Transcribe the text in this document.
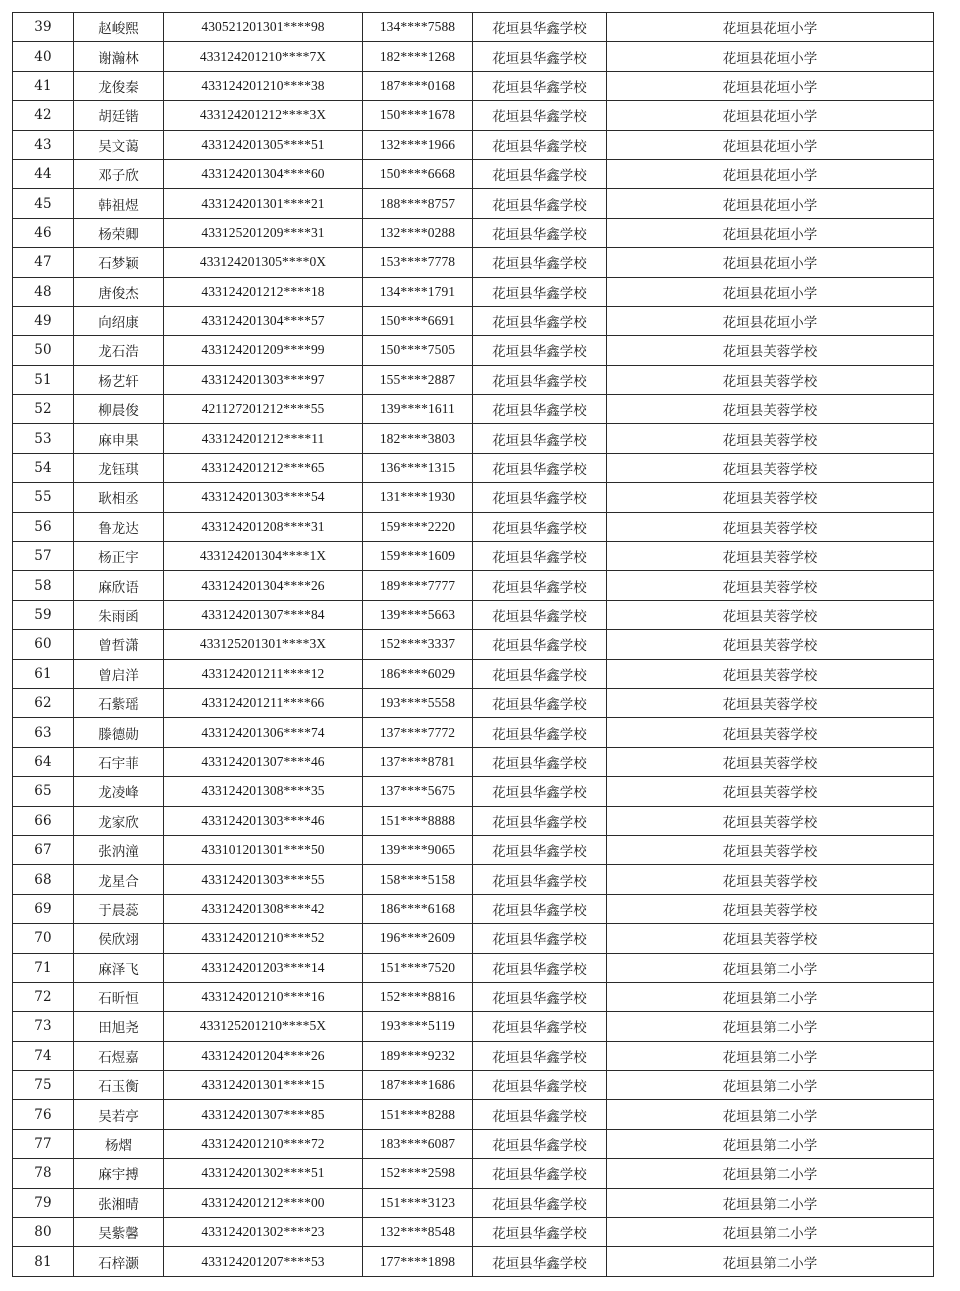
39	赵峻熙	430521201301****98	134****7588	花垣县华鑫学校	花垣县花垣小学
40	谢瀚林	433124201210****7X	182****1268	花垣县华鑫学校	花垣县花垣小学
41	龙俊秦	433124201210****38	187****0168	花垣县华鑫学校	花垣县花垣小学
42	胡廷锴	433124201212****3X	150****1678	花垣县华鑫学校	花垣县花垣小学
43	吴文蔼	433124201305****51	132****1966	花垣县华鑫学校	花垣县花垣小学
44	邓子欣	433124201304****60	150****6668	花垣县华鑫学校	花垣县花垣小学
45	韩祖煜	433124201301****21	188****8757	花垣县华鑫学校	花垣县花垣小学
46	杨荣卿	433125201209****31	132****0288	花垣县华鑫学校	花垣县花垣小学
47	石梦颖	433124201305****0X	153****7778	花垣县华鑫学校	花垣县花垣小学
48	唐俊杰	433124201212****18	134****1791	花垣县华鑫学校	花垣县花垣小学
49	向绍康	433124201304****57	150****6691	花垣县华鑫学校	花垣县花垣小学
50	龙石浩	433124201209****99	150****7505	花垣县华鑫学校	花垣县芙蓉学校
51	杨艺轩	433124201303****97	155****2887	花垣县华鑫学校	花垣县芙蓉学校
52	柳晨俊	421127201212****55	139****1611	花垣县华鑫学校	花垣县芙蓉学校
53	麻申果	433124201212****11	182****3803	花垣县华鑫学校	花垣县芙蓉学校
54	龙钰琪	433124201212****65	136****1315	花垣县华鑫学校	花垣县芙蓉学校
55	耿相丞	433124201303****54	131****1930	花垣县华鑫学校	花垣县芙蓉学校
56	鲁龙达	433124201208****31	159****2220	花垣县华鑫学校	花垣县芙蓉学校
57	杨正宇	433124201304****1X	159****1609	花垣县华鑫学校	花垣县芙蓉学校
58	麻欣语	433124201304****26	189****7777	花垣县华鑫学校	花垣县芙蓉学校
59	朱雨函	433124201307****84	139****5663	花垣县华鑫学校	花垣县芙蓉学校
60	曾哲潇	433125201301****3X	152****3337	花垣县华鑫学校	花垣县芙蓉学校
61	曾启洋	433124201211****12	186****6029	花垣县华鑫学校	花垣县芙蓉学校
62	石紫瑶	433124201211****66	193****5558	花垣县华鑫学校	花垣县芙蓉学校
63	滕德勋	433124201306****74	137****7772	花垣县华鑫学校	花垣县芙蓉学校
64	石宇菲	433124201307****46	137****8781	花垣县华鑫学校	花垣县芙蓉学校
65	龙凌峰	433124201308****35	137****5675	花垣县华鑫学校	花垣县芙蓉学校
66	龙家欣	433124201303****46	151****8888	花垣县华鑫学校	花垣县芙蓉学校
67	张汭潼	433101201301****50	139****9065	花垣县华鑫学校	花垣县芙蓉学校
68	龙星合	433124201303****55	158****5158	花垣县华鑫学校	花垣县芙蓉学校
69	于晨蕊	433124201308****42	186****6168	花垣县华鑫学校	花垣县芙蓉学校
70	侯欣翊	433124201210****52	196****2609	花垣县华鑫学校	花垣县芙蓉学校
71	麻泽飞	433124201203****14	151****7520	花垣县华鑫学校	花垣县第二小学
72	石昕恒	433124201210****16	152****8816	花垣县华鑫学校	花垣县第二小学
73	田旭尧	433125201210****5X	193****5119	花垣县华鑫学校	花垣县第二小学
74	石煜嘉	433124201204****26	189****9232	花垣县华鑫学校	花垣县第二小学
75	石玉衡	433124201301****15	187****1686	花垣县华鑫学校	花垣县第二小学
76	吴若亭	433124201307****85	151****8288	花垣县华鑫学校	花垣县第二小学
77	杨熠	433124201210****72	183****6087	花垣县华鑫学校	花垣县第二小学
78	麻宇搏	433124201302****51	152****2598	花垣县华鑫学校	花垣县第二小学
79	张湘晴	433124201212****00	151****3123	花垣县华鑫学校	花垣县第二小学
80	吴紫馨	433124201302****23	132****8548	花垣县华鑫学校	花垣县第二小学
81	石梓灏	433124201207****53	177****1898	花垣县华鑫学校	花垣县第二小学
